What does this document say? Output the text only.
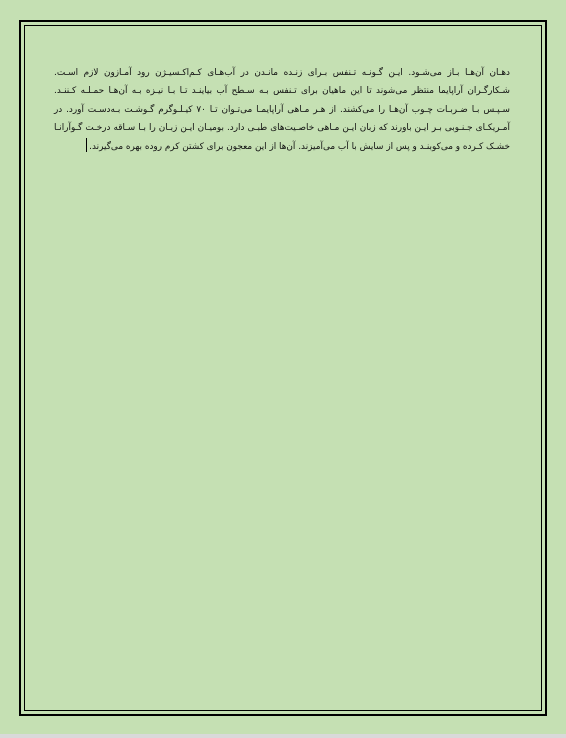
دهـان آن‌هـا بـاز می‌شـود. ایـن گـونـه تـنفس بـرای زنـده مانـدن در آب‌هـای کـم‌اکـسیـژن رود آمـازون لازم اسـت. شـکارگـران آراپایما منتظر می‌شوند تا این ماهیان برای تـنفس بـه سـطح آب بیاینـد تـا بـا نیـزه بـه آن‌هـا حمـلـه کـننـد. سـپـس بـا ضـربـات چـوب آن‌هـا را می‌کشند. از هـر مـاهی آراپایمـا می‌تـوان تـا ۷۰ کیـلـوگرم گـوشـت بـه‌دسـت آورد. در آمـریکـای جـنـوبی بـر ایـن باورند که زبان ایـن مـاهی خاصـیت‌های طبـی دارد. بومیـان ایـن زبـان را بـا سـاقه درخـت گـوآرانـا خشـک کـرده و می‌کوبنـد و پس از سایش با آب می‌آمیزند. آن‌ها از این معجون برای کشتن کرم روده بهره می‌گیرند.
